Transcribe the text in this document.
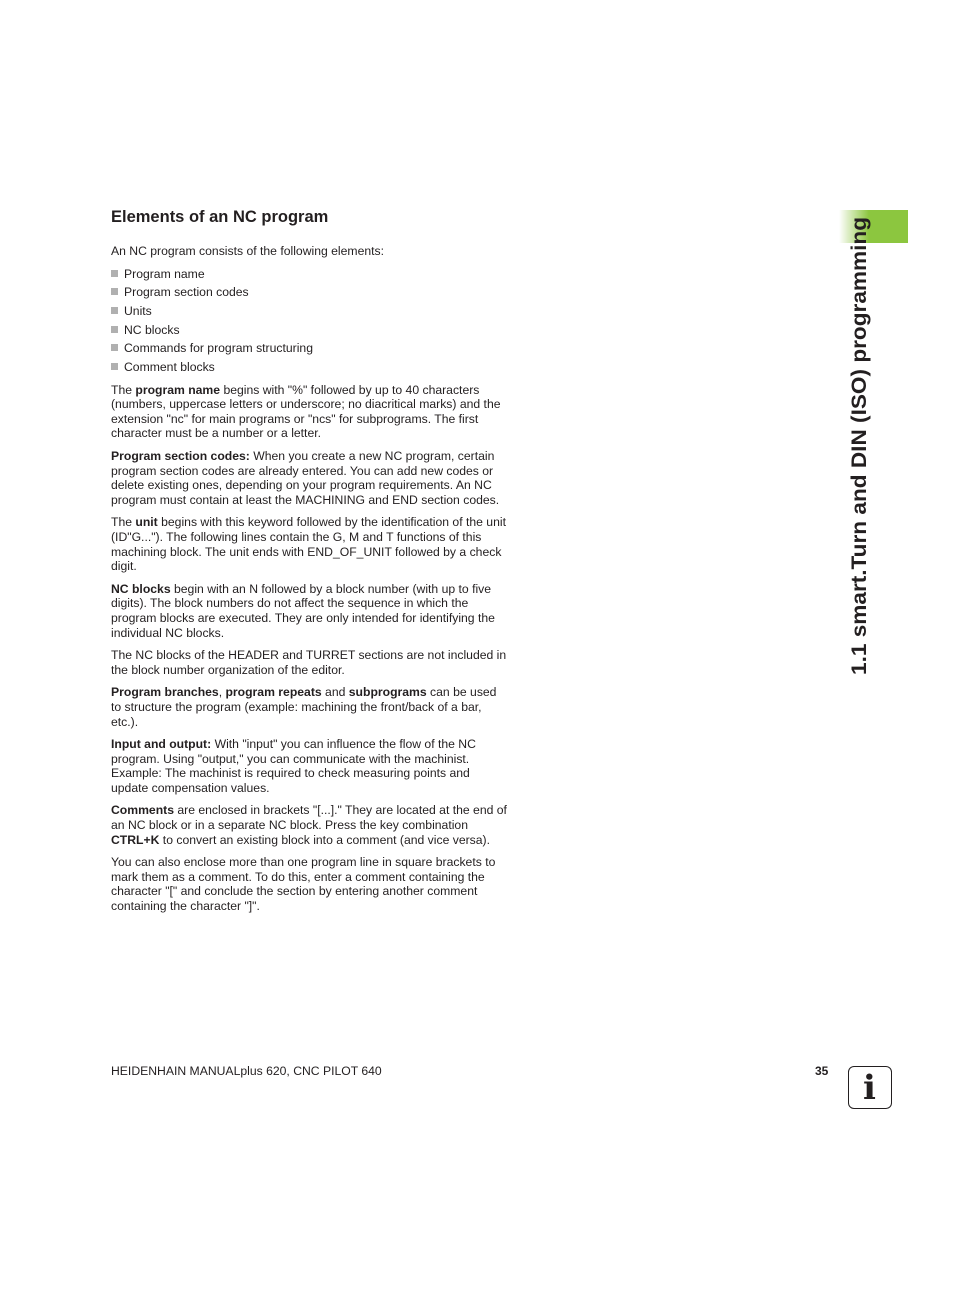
Elements of an NC program

An NC program consists of the following elements:

Program name
Program section codes
Units
NC blocks
Commands for program structuring
Comment blocks

The program name begins with "%" followed by up to 40 characters (numbers, uppercase letters or underscore; no diacritical marks) and the extension "nc" for main programs or "ncs" for subprograms. The first character must be a number or a letter.

Program section codes: When you create a new NC program, certain program section codes are already entered. You can add new codes or delete existing ones, depending on your program requirements. An NC program must contain at least the MACHINING and END section codes.

The unit begins with this keyword followed by the identification of the unit (ID"G..."). The following lines contain the G, M and T functions of this machining block. The unit ends with END_OF_UNIT followed by a check digit.

NC blocks begin with an N followed by a block number (with up to five digits). The block numbers do not affect the sequence in which the program blocks are executed. They are only intended for identifying the individual NC blocks.

The NC blocks of the HEADER and TURRET sections are not included in the block number organization of the editor.

Program branches, program repeats and subprograms can be used to structure the program (example: machining the front/back of a bar, etc.).

Input and output: With "input" you can influence the flow of the NC program. Using "output," you can communicate with the machinist. Example: The machinist is required to check measuring points and update compensation values.

Comments are enclosed in brackets "[...]." They are located at the end of an NC block or in a separate NC block. Press the key combination CTRL+K to convert an existing block into a comment (and vice versa).

You can also enclose more than one program line in square brackets to mark them as a comment. To do this, enter a comment containing the character "[" and conclude the section by entering another comment containing the character "]".

1.1 smart.Turn and DIN (ISO) programming
HEIDENHAIN MANUALplus 620, CNC PILOT 640	35 i
